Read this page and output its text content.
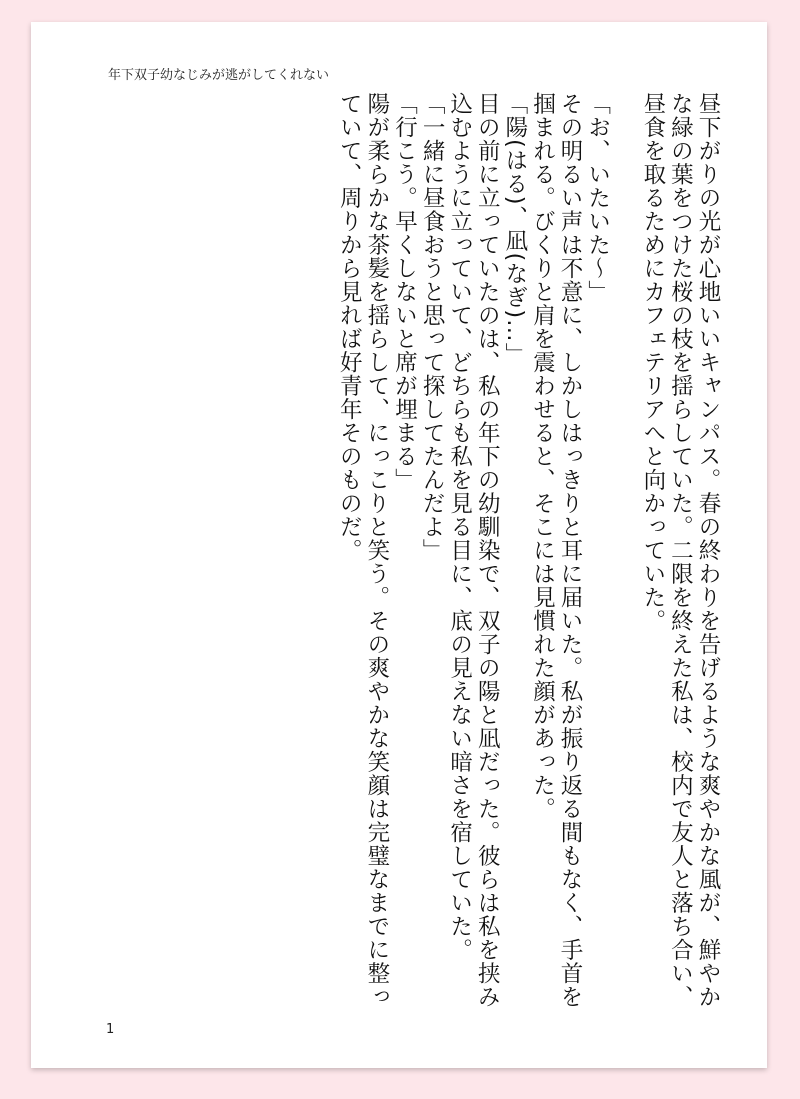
年下双子幼なじみが逃がしてくれない

昼下がりの光が心地いいキャンパス。春の終わりを告げるような爽やかな風が、鮮やかな緑の葉をつけた桜の枝を揺らしていた。二限を終えた私は、校内で友人と落ち合い、昼食を取るためにカフェテリアへと向かっていた。

「お、いたいた〜」

その明るい声は不意に、しかしはっきりと耳に届いた。私が振り返る間もなく、手首を掴まれる。びくりと肩を震わせると、そこには見慣れた顔があった。

「陽(はる)、凪(なぎ)…」

目の前に立っていたのは、私の年下の幼馴染で、双子の陽と凪だった。彼らは私を挟み込むように立っていて、どちらも私を見る目に、底の見えない暗さを宿していた。

「一緒に昼食おうと思って探してたんだよ」

「行こう。早くしないと席が埋まる」

陽が柔らかな茶髪を揺らして、にっこりと笑う。その爽やかな笑顔は完璧なまでに整っていて、周りから見れば好青年そのものだ。

1
